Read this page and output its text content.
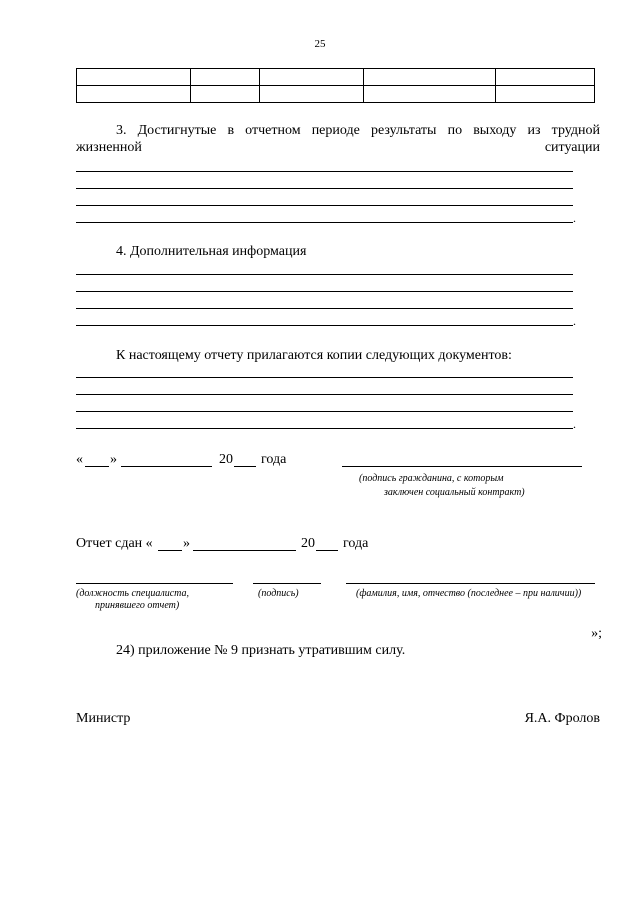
25

3. Достигнутые в отчетном периоде результаты по выходу из трудной
жизненной	ситуации
.
4. Дополнительная информация
.
К настоящему отчету прилагаются копии следующих документов:
.
« »	20 года
(подпись гражданина, с которым
заключен социальный контракт)
Отчет сдан « »	20 года
(должность специалиста,
принявшего отчет)
(подпись)	(фамилия, имя, отчество (последнее – при наличии))
»;
24) приложение № 9 признать утратившим силу.
Министр	Я.А. Фролов
